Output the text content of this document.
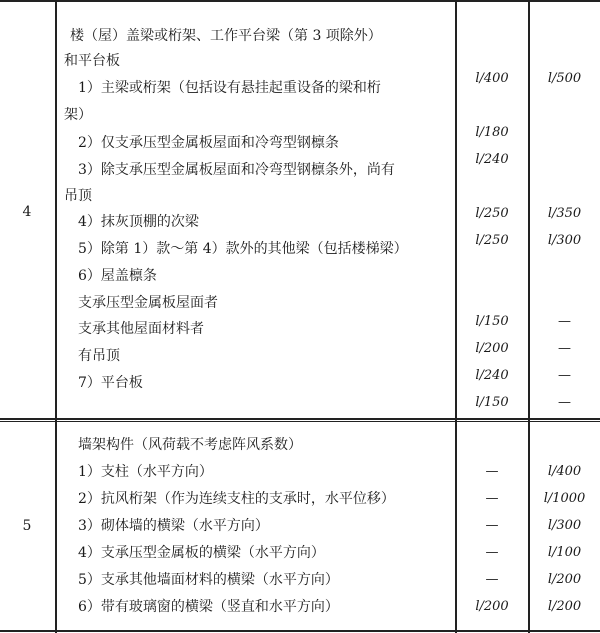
4
楼（屋）盖梁或桁架、工作平台梁（第 3 项除外）
和平台板
1）主梁或桁架（包括设有悬挂起重设备的梁和桁
架）
2）仅支承压型金属板屋面和冷弯型钢檩条
3）除支承压型金属板屋面和冷弯型钢檩条外，尚有
吊顶
4）抹灰顶棚的次梁
5）除第 1）款～第 4）款外的其他梁（包括楼梯梁）
6）屋盖檩条
支承压型金属板屋面者
支承其他屋面材料者
有吊顶
7）平台板
l/400
l/180
l/240
l/250
l/250
l/150
l/200
l/240
l/150
l/500
l/350
l/300
—
—
—
—
5
墙架构件（风荷载不考虑阵风系数）
1）支柱（水平方向）
2）抗风桁架（作为连续支柱的支承时，水平位移）
3）砌体墙的横梁（水平方向）
4）支承压型金属板的横梁（水平方向）
5）支承其他墙面材料的横梁（水平方向）
6）带有玻璃窗的横梁（竖直和水平方向）
—
—
—
—
—
l/200
l/400
l/1000
l/300
l/100
l/200
l/200
